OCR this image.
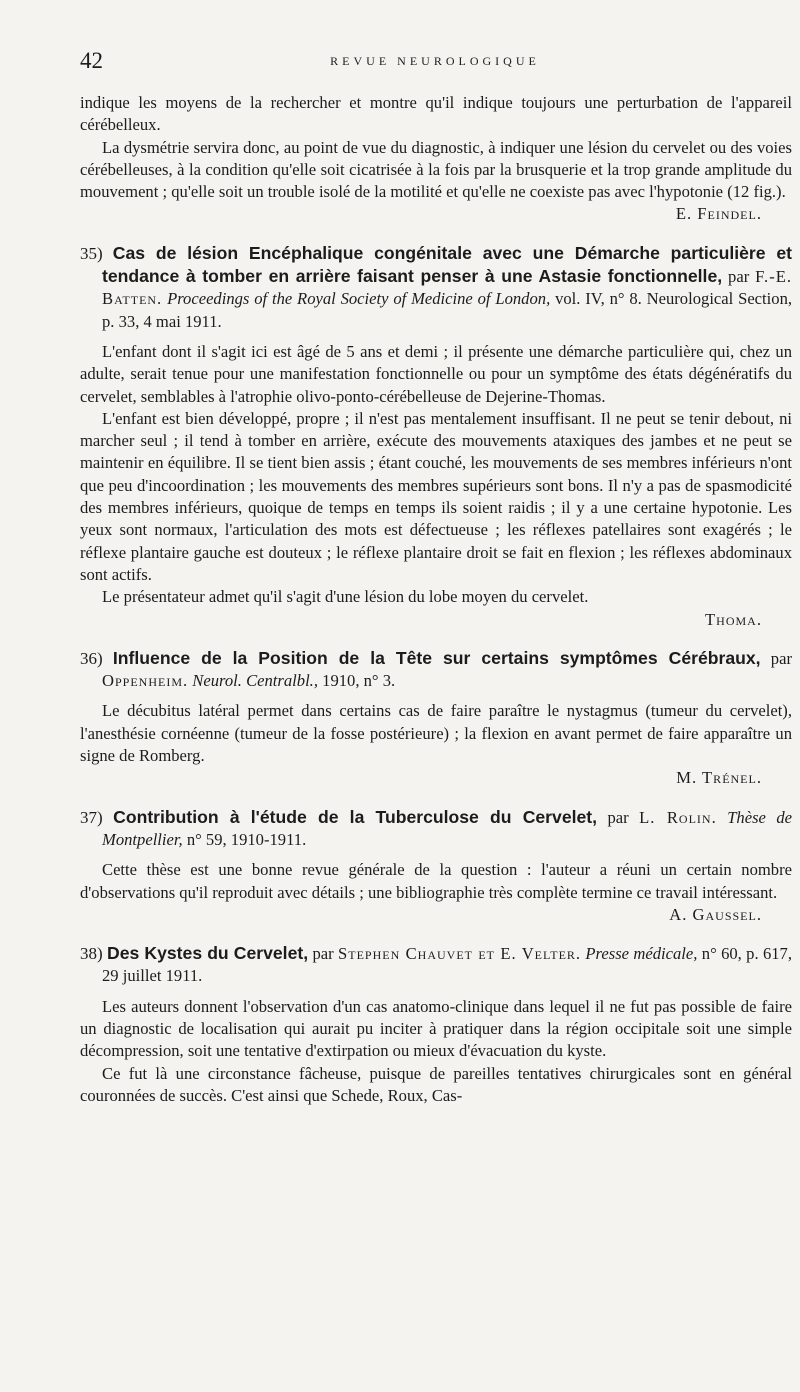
42	REVUE NEUROLOGIQUE

indique les moyens de la rechercher et montre qu'il indique toujours une perturbation de l'appareil cérébelleux.

La dysmétrie servira donc, au point de vue du diagnostic, à indiquer une lésion du cervelet ou des voies cérébelleuses, à la condition qu'elle soit cicatrisée à la fois par la brusquerie et la trop grande amplitude du mouvement ; qu'elle soit un trouble isolé de la motilité et qu'elle ne coexiste pas avec l'hypotonie (12 fig.).

E. Feindel.

35) Cas de lésion Encéphalique congénitale avec une Démarche particulière et tendance à tomber en arrière faisant penser à une Astasie fonctionnelle, par F.-E. Batten. Proceedings of the Royal Society of Medicine of London, vol. IV, n° 8. Neurological Section, p. 33, 4 mai 1911.

L'enfant dont il s'agit ici est âgé de 5 ans et demi ; il présente une démarche particulière qui, chez un adulte, serait tenue pour une manifestation fonctionnelle ou pour un symptôme des états dégénératifs du cervelet, semblables à l'atrophie olivo-ponto-cérébelleuse de Dejerine-Thomas.

L'enfant est bien développé, propre ; il n'est pas mentalement insuffisant. Il ne peut se tenir debout, ni marcher seul ; il tend à tomber en arrière, exécute des mouvements ataxiques des jambes et ne peut se maintenir en équilibre. Il se tient bien assis ; étant couché, les mouvements de ses membres inférieurs n'ont que peu d'incoordination ; les mouvements des membres supérieurs sont bons. Il n'y a pas de spasmodicité des membres inférieurs, quoique de temps en temps ils soient raidis ; il y a une certaine hypotonie. Les yeux sont normaux, l'articulation des mots est défectueuse ; les réflexes patellaires sont exagérés ; le réflexe plantaire gauche est douteux ; le réflexe plantaire droit se fait en flexion ; les réflexes abdominaux sont actifs.

Le présentateur admet qu'il s'agit d'une lésion du lobe moyen du cervelet.

Thoma.

36) Influence de la Position de la Tête sur certains symptômes Cérébraux, par Oppenheim. Neurol. Centralbl., 1910, n° 3.

Le décubitus latéral permet dans certains cas de faire paraître le nystagmus (tumeur du cervelet), l'anesthésie cornéenne (tumeur de la fosse postérieure) ; la flexion en avant permet de faire apparaître un signe de Romberg.

M. Trénel.

37) Contribution à l'étude de la Tuberculose du Cervelet, par L. Rolin. Thèse de Montpellier, n° 59, 1910-1911.

Cette thèse est une bonne revue générale de la question : l'auteur a réuni un certain nombre d'observations qu'il reproduit avec détails ; une bibliographie très complète termine ce travail intéressant.

A. Gaussel.

38) Des Kystes du Cervelet, par Stephen Chauvet et E. Velter. Presse médicale, n° 60, p. 617, 29 juillet 1911.

Les auteurs donnent l'observation d'un cas anatomo-clinique dans lequel il ne fut pas possible de faire un diagnostic de localisation qui aurait pu inciter à pratiquer dans la région occipitale soit une simple décompression, soit une tentative d'extirpation ou mieux d'évacuation du kyste.

Ce fut là une circonstance fâcheuse, puisque de pareilles tentatives chirurgicales sont en général couronnées de succès. C'est ainsi que Schede, Roux, Cas-
